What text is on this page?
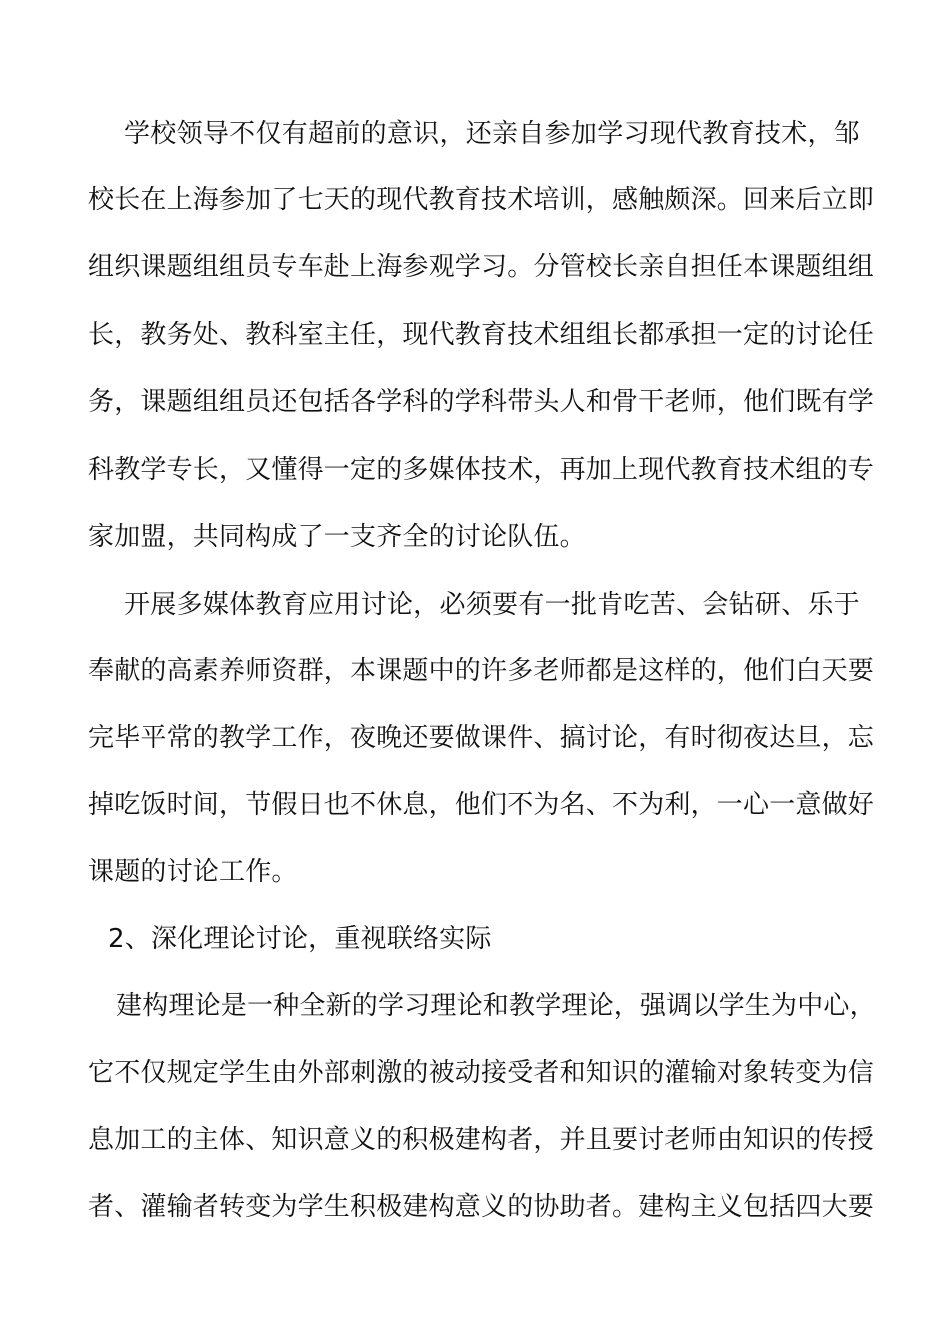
学校领导不仅有超前的意识，还亲自参加学习现代教育技术，邹
校长在上海参加了七天的现代教育技术培训，感触颇深。回来后立即
组织课题组组员专车赴上海参观学习。分管校长亲自担任本课题组组
长，教务处、教科室主任，现代教育技术组组长都承担一定的讨论任
务，课题组组员还包括各学科的学科带头人和骨干老师，他们既有学
科教学专长，又懂得一定的多媒体技术，再加上现代教育技术组的专
家加盟，共同构成了一支齐全的讨论队伍。
开展多媒体教育应用讨论，必须要有一批肯吃苦、会钻研、乐于
奉献的高素养师资群，本课题中的许多老师都是这样的，他们白天要
完毕平常的教学工作，夜晚还要做课件、搞讨论，有时彻夜达旦，忘
掉吃饭时间，节假日也不休息，他们不为名、不为利，一心一意做好
课题的讨论工作。
2、深化理论讨论，重视联络实际
建构理论是一种全新的学习理论和教学理论，强调以学生为中心，
它不仅规定学生由外部刺激的被动接受者和知识的灌输对象转变为信
息加工的主体、知识意义的积极建构者，并且要讨老师由知识的传授
者、灌输者转变为学生积极建构意义的协助者。建构主义包括四大要
